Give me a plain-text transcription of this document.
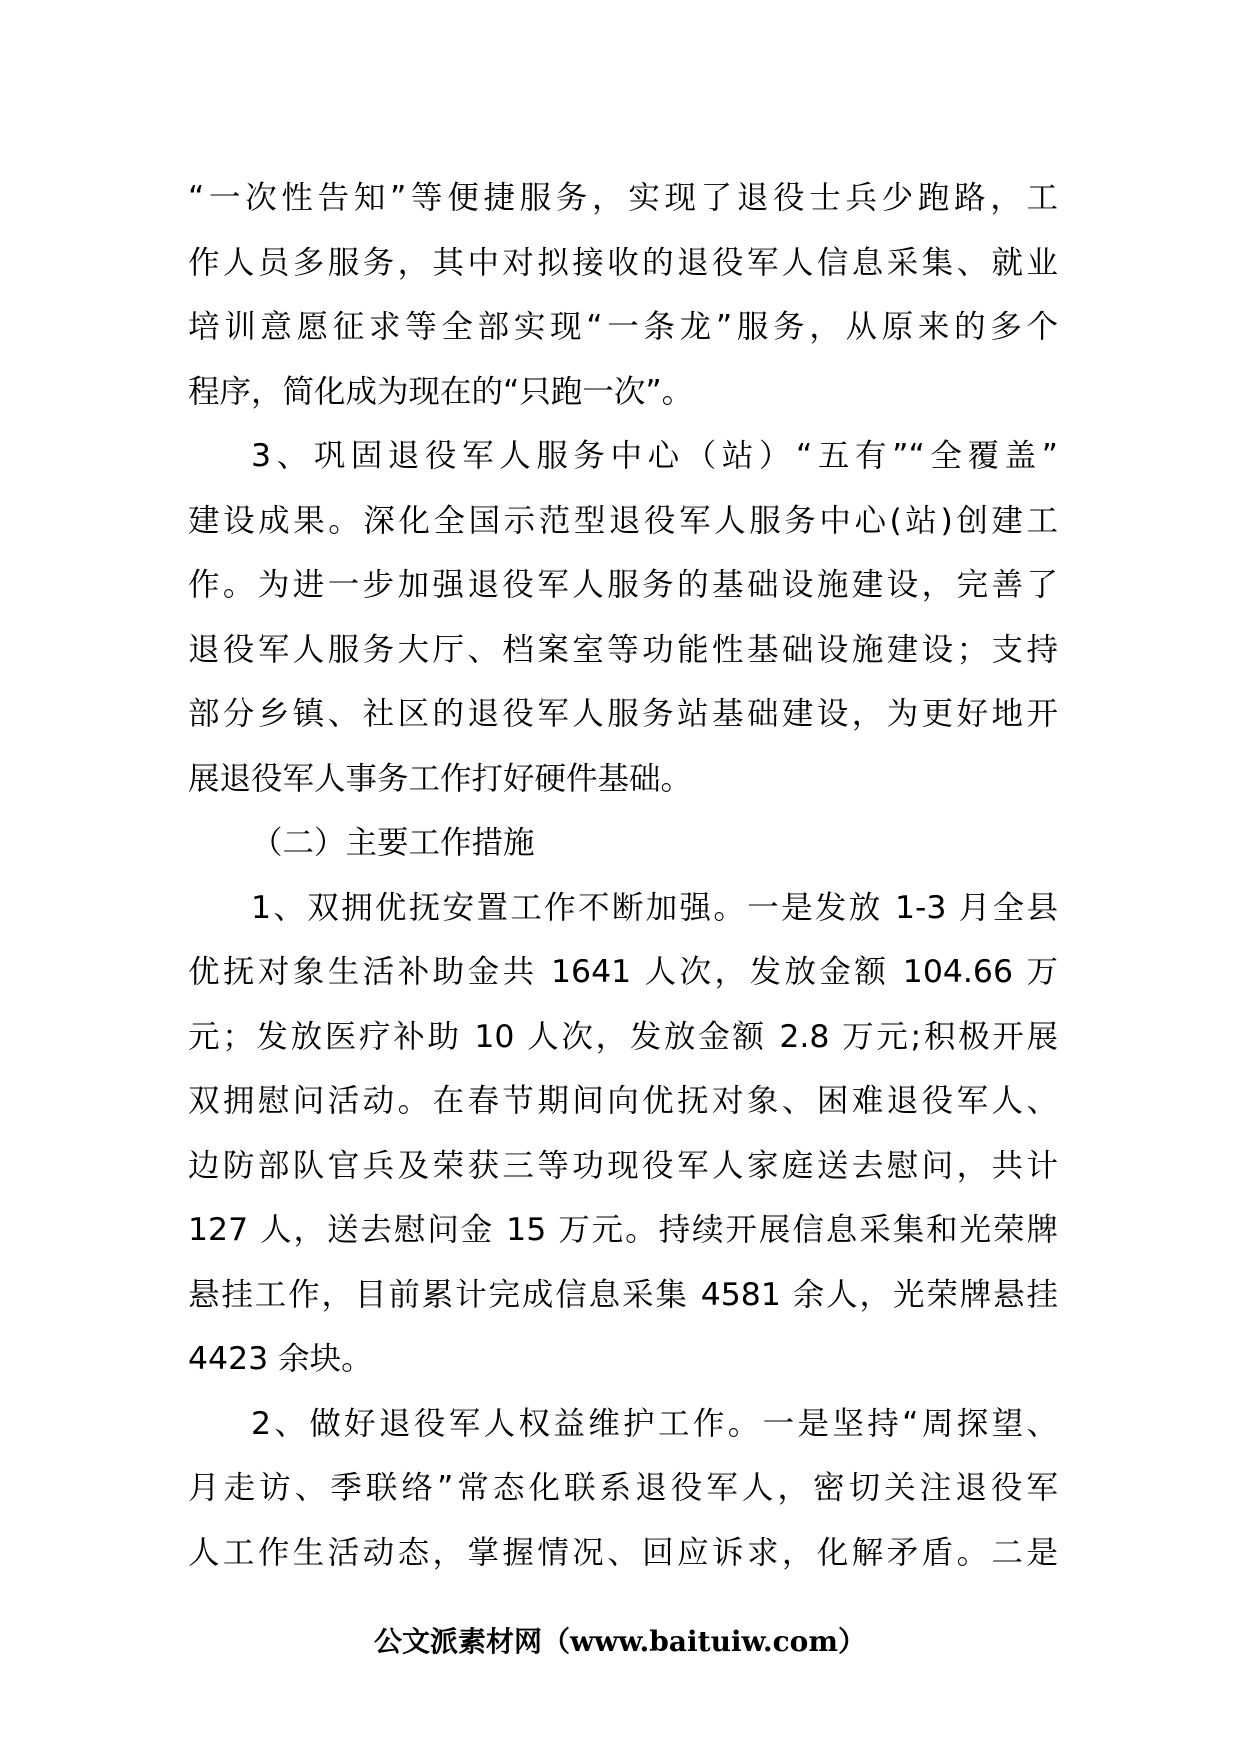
“一次性告知”等便捷服务，实现了退役士兵少跑路，工
作人员多服务，其中对拟接收的退役军人信息采集、就业
培训意愿征求等全部实现“一条龙”服务，从原来的多个
程序，简化成为现在的“只跑一次”。
3、巩固退役军人服务中心（站）“五有”“全覆盖”
建设成果。深化全国示范型退役军人服务中心(站)创建工
作。为进一步加强退役军人服务的基础设施建设，完善了
退役军人服务大厅、档案室等功能性基础设施建设；支持
部分乡镇、社区的退役军人服务站基础建设，为更好地开
展退役军人事务工作打好硬件基础。
（二）主要工作措施
1、双拥优抚安置工作不断加强。一是发放 1-3 月全县
优抚对象生活补助金共 1641 人次，发放金额 104.66 万
元；发放医疗补助 10 人次，发放金额 2.8 万元;积极开展
双拥慰问活动。在春节期间向优抚对象、困难退役军人、
边防部队官兵及荣获三等功现役军人家庭送去慰问，共计
127 人，送去慰问金 15 万元。持续开展信息采集和光荣牌
悬挂工作，目前累计完成信息采集 4581 余人，光荣牌悬挂
4423 余块。
2、做好退役军人权益维护工作。一是坚持“周探望、
月走访、季联络”常态化联系退役军人，密切关注退役军
人工作生活动态，掌握情况、回应诉求，化解矛盾。二是
公文派素材网（www.baituiw.com）
